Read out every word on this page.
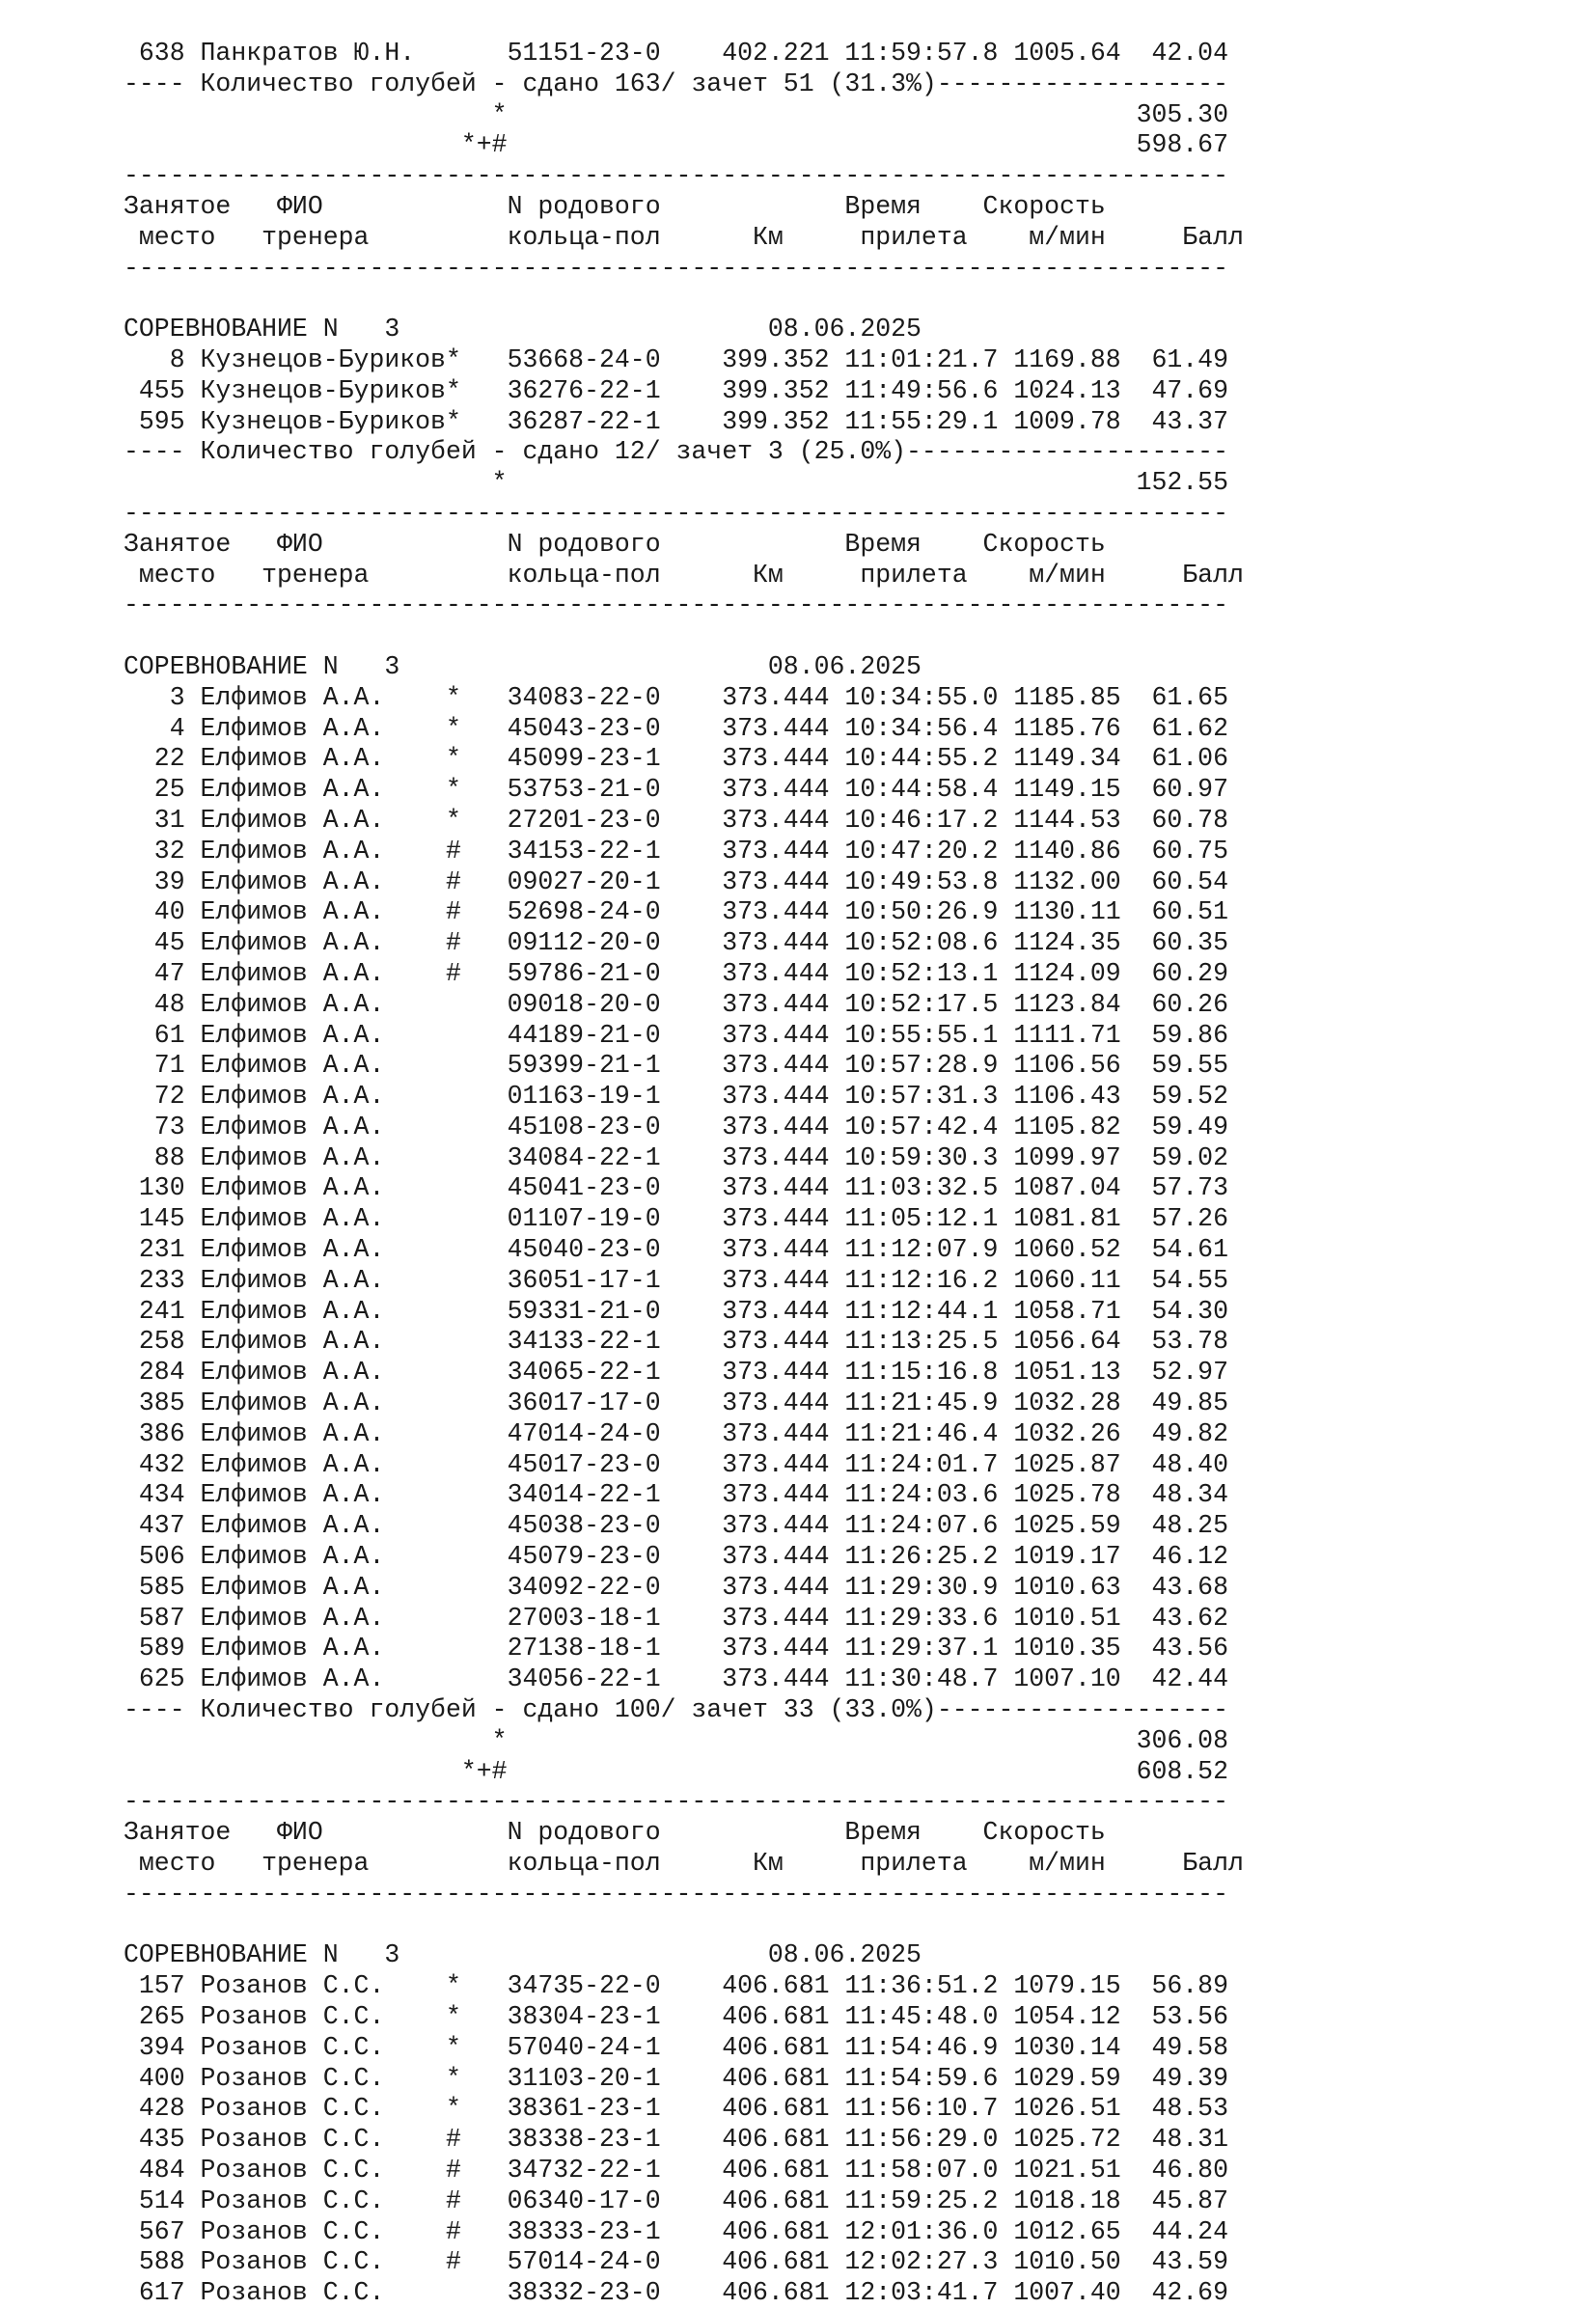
638 Панкратов Ю.Н.      51151-23-0    402.221 11:59:57.8 1005.64  42.04
---- Количество голубей - сдано 163/ зачет 51 (31.3%)-------------------
*                                         305.30
*+#                                         598.67
------------------------------------------------------------------------
Занятое   ФИО            N родового            Время    Скорость
место   тренера         кольца-пол      Км     прилета    м/мин     Балл
------------------------------------------------------------------------
СОРЕВНОВАНИЕ N   3                        08.06.2025
8 Кузнецов-Буриков*   53668-24-0    399.352 11:01:21.7 1169.88  61.49
455 Кузнецов-Буриков*   36276-22-1    399.352 11:49:56.6 1024.13  47.69
595 Кузнецов-Буриков*   36287-22-1    399.352 11:55:29.1 1009.78  43.37
---- Количество голубей - сдано 12/ зачет 3 (25.0%)---------------------
*                                         152.55
------------------------------------------------------------------------
Занятое   ФИО            N родового            Время    Скорость
место   тренера         кольца-пол      Км     прилета    м/мин     Балл
------------------------------------------------------------------------
СОРЕВНОВАНИЕ N   3                        08.06.2025
3 Елфимов А.А.    *   34083-22-0    373.444 10:34:55.0 1185.85  61.65
4 Елфимов А.А.    *   45043-23-0    373.444 10:34:56.4 1185.76  61.62
22 Елфимов А.А.    *   45099-23-1    373.444 10:44:55.2 1149.34  61.06
25 Елфимов А.А.    *   53753-21-0    373.444 10:44:58.4 1149.15  60.97
31 Елфимов А.А.    *   27201-23-0    373.444 10:46:17.2 1144.53  60.78
32 Елфимов А.А.    #   34153-22-1    373.444 10:47:20.2 1140.86  60.75
39 Елфимов А.А.    #   09027-20-1    373.444 10:49:53.8 1132.00  60.54
40 Елфимов А.А.    #   52698-24-0    373.444 10:50:26.9 1130.11  60.51
45 Елфимов А.А.    #   09112-20-0    373.444 10:52:08.6 1124.35  60.35
47 Елфимов А.А.    #   59786-21-0    373.444 10:52:13.1 1124.09  60.29
48 Елфимов А.А.        09018-20-0    373.444 10:52:17.5 1123.84  60.26
61 Елфимов А.А.        44189-21-0    373.444 10:55:55.1 1111.71  59.86
71 Елфимов А.А.        59399-21-1    373.444 10:57:28.9 1106.56  59.55
72 Елфимов А.А.        01163-19-1    373.444 10:57:31.3 1106.43  59.52
73 Елфимов А.А.        45108-23-0    373.444 10:57:42.4 1105.82  59.49
88 Елфимов А.А.        34084-22-1    373.444 10:59:30.3 1099.97  59.02
130 Елфимов А.А.        45041-23-0    373.444 11:03:32.5 1087.04  57.73
145 Елфимов А.А.        01107-19-0    373.444 11:05:12.1 1081.81  57.26
231 Елфимов А.А.        45040-23-0    373.444 11:12:07.9 1060.52  54.61
233 Елфимов А.А.        36051-17-1    373.444 11:12:16.2 1060.11  54.55
241 Елфимов А.А.        59331-21-0    373.444 11:12:44.1 1058.71  54.30
258 Елфимов А.А.        34133-22-1    373.444 11:13:25.5 1056.64  53.78
284 Елфимов А.А.        34065-22-1    373.444 11:15:16.8 1051.13  52.97
385 Елфимов А.А.        36017-17-0    373.444 11:21:45.9 1032.28  49.85
386 Елфимов А.А.        47014-24-0    373.444 11:21:46.4 1032.26  49.82
432 Елфимов А.А.        45017-23-0    373.444 11:24:01.7 1025.87  48.40
434 Елфимов А.А.        34014-22-1    373.444 11:24:03.6 1025.78  48.34
437 Елфимов А.А.        45038-23-0    373.444 11:24:07.6 1025.59  48.25
506 Елфимов А.А.        45079-23-0    373.444 11:26:25.2 1019.17  46.12
585 Елфимов А.А.        34092-22-0    373.444 11:29:30.9 1010.63  43.68
587 Елфимов А.А.        27003-18-1    373.444 11:29:33.6 1010.51  43.62
589 Елфимов А.А.        27138-18-1    373.444 11:29:37.1 1010.35  43.56
625 Елфимов А.А.        34056-22-1    373.444 11:30:48.7 1007.10  42.44
---- Количество голубей - сдано 100/ зачет 33 (33.0%)-------------------
*                                         306.08
*+#                                         608.52
------------------------------------------------------------------------
Занятое   ФИО            N родового            Время    Скорость
место   тренера         кольца-пол      Км     прилета    м/мин     Балл
------------------------------------------------------------------------
СОРЕВНОВАНИЕ N   3                        08.06.2025
157 Розанов С.С.    *   34735-22-0    406.681 11:36:51.2 1079.15  56.89
265 Розанов С.С.    *   38304-23-1    406.681 11:45:48.0 1054.12  53.56
394 Розанов С.С.    *   57040-24-1    406.681 11:54:46.9 1030.14  49.58
400 Розанов С.С.    *   31103-20-1    406.681 11:54:59.6 1029.59  49.39
428 Розанов С.С.    *   38361-23-1    406.681 11:56:10.7 1026.51  48.53
435 Розанов С.С.    #   38338-23-1    406.681 11:56:29.0 1025.72  48.31
484 Розанов С.С.    #   34732-22-1    406.681 11:58:07.0 1021.51  46.80
514 Розанов С.С.    #   06340-17-0    406.681 11:59:25.2 1018.18  45.87
567 Розанов С.С.    #   38333-23-1    406.681 12:01:36.0 1012.65  44.24
588 Розанов С.С.    #   57014-24-0    406.681 12:02:27.3 1010.50  43.59
617 Розанов С.С.        38332-23-0    406.681 12:03:41.7 1007.40  42.69
